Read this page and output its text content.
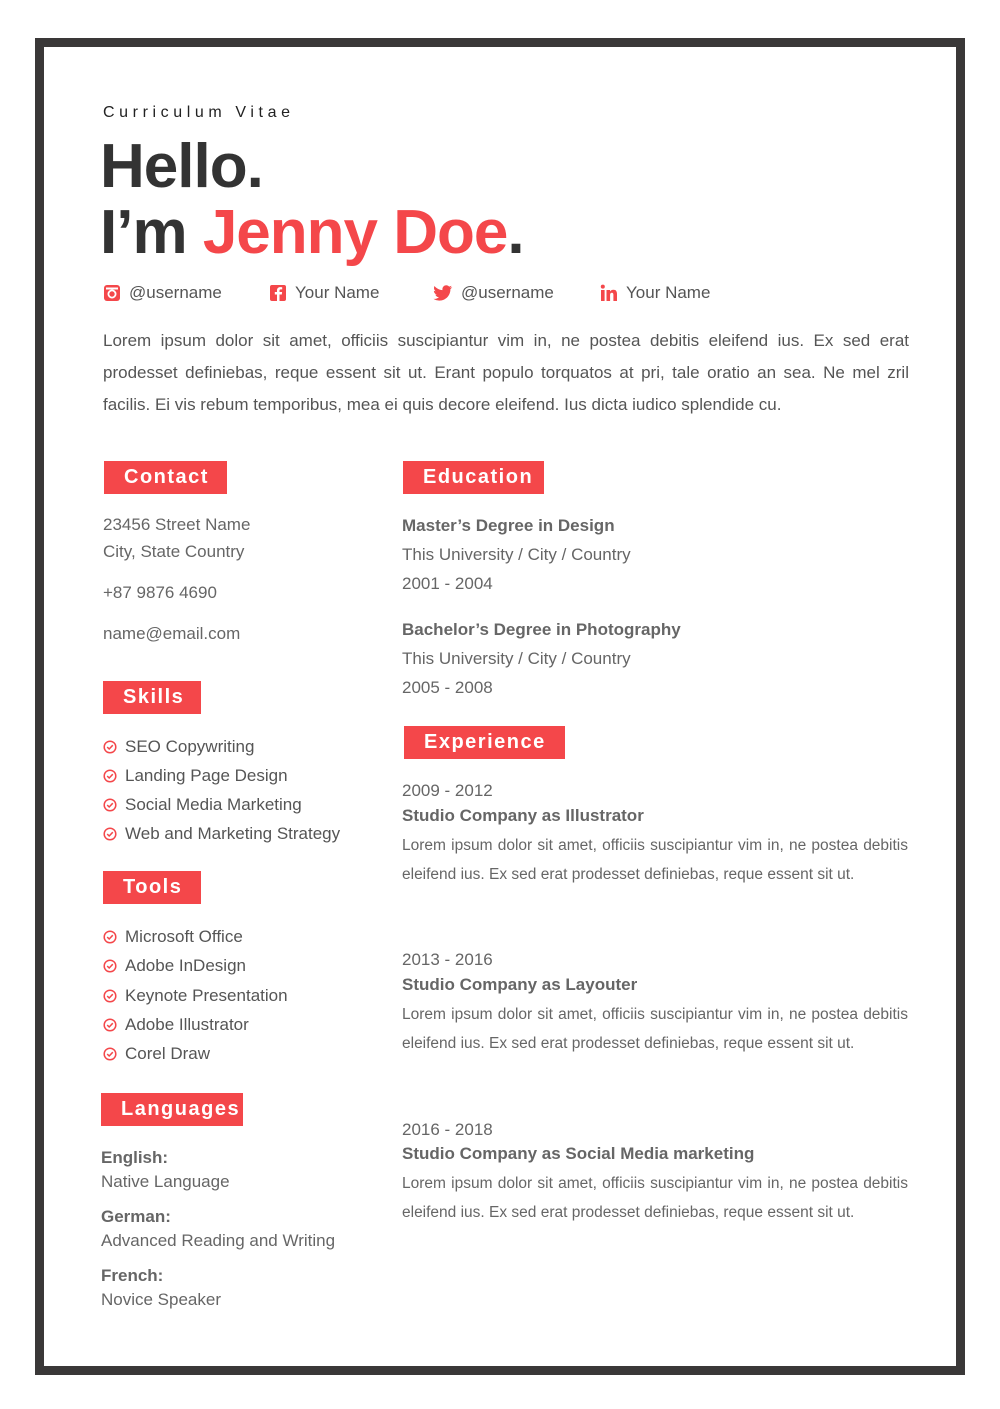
Curriculum Vitae
Hello.
I’m Jenny Doe.
@username	Your Name	@username	Your Name

Lorem ipsum dolor sit amet, officiis suscipiantur vim in, ne postea debitis eleifend ius. Ex sed erat prodesset definiebas, reque essent sit ut. Erant populo torquatos at pri, tale oratio an sea. Ne mel zril facilis. Ei vis rebum temporibus, mea ei quis decore eleifend. Ius dicta iudico splendide cu.

Contact
23456 Street Name
City, State Country
+87 9876 4690
name@email.com
Skills
SEO Copywriting
Landing Page Design
Social Media Marketing
Web and Marketing Strategy
Tools
Microsoft Office
Adobe InDesign
Keynote Presentation
Adobe Illustrator
Corel Draw
Languages
English:
Native Language
German:
Advanced Reading and Writing
French:
Novice Speaker
Education
Master’s Degree in Design
This University / City / Country
2001 - 2004
Bachelor’s Degree in Photography
This University / City / Country
2005 - 2008
Experience
2009 - 2012
Studio Company as Illustrator

Lorem ipsum dolor sit amet, officiis suscipiantur vim in, ne postea debitis eleifend ius. Ex sed erat prodesset definiebas, reque essent sit ut.

2013 - 2016
Studio Company as Layouter

Lorem ipsum dolor sit amet, officiis suscipiantur vim in, ne postea debitis eleifend ius. Ex sed erat prodesset definiebas, reque essent sit ut.

2016 - 2018
Studio Company as Social Media marketing

Lorem ipsum dolor sit amet, officiis suscipiantur vim in, ne postea debitis eleifend ius. Ex sed erat prodesset definiebas, reque essent sit ut.
